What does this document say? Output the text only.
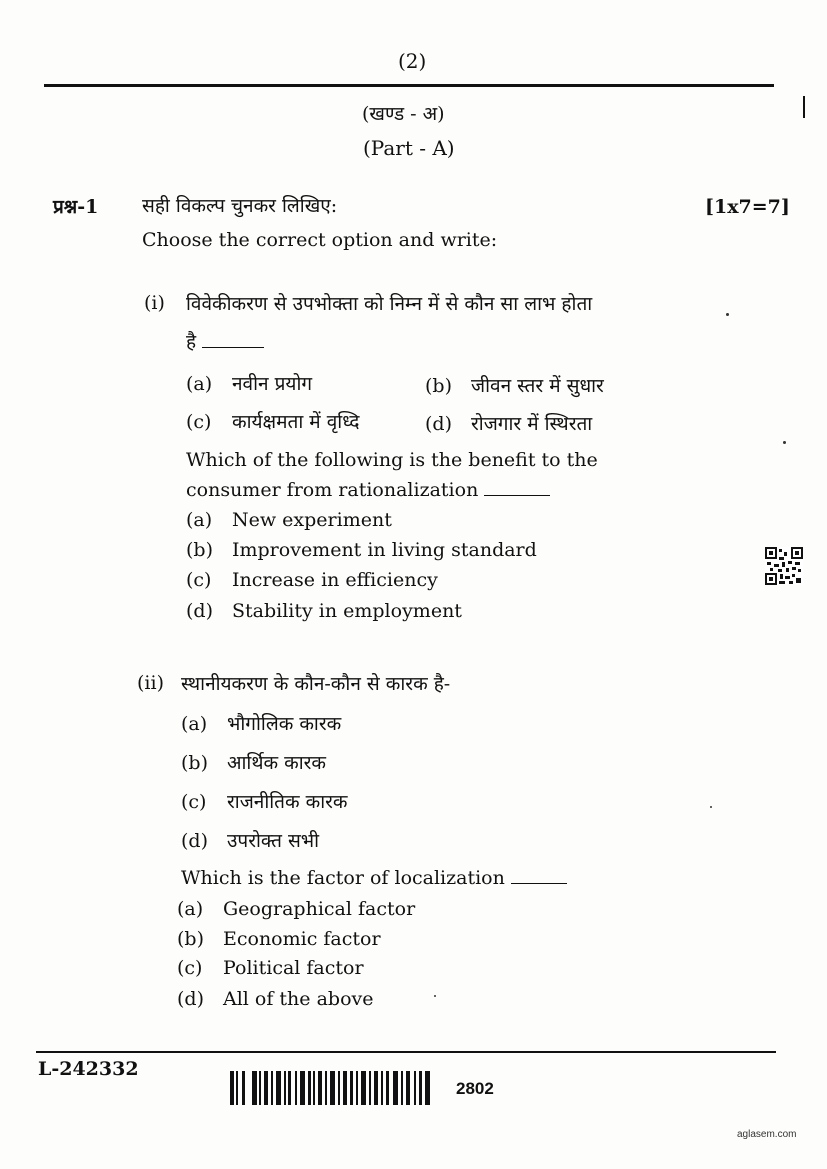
(2)
(खण्ड - अ)
(Part - A)
प्रश्न-1 सही विकल्प चुनकर लिखिए:	[1x7=7]
Choose the correct option and write:
(i) विवेकीकरण से उपभोक्ता को निम्न में से कौन सा लाभ होता
है
(a) नवीन प्रयोग	(b) जीवन स्तर में सुधार
(c) कार्यक्षमता में वृध्दि	(d) रोजगार में स्थिरता
Which of the following is the benefit to the
consumer from rationalization
(a) New experiment
(b) Improvement in living standard
(c) Increase in efficiency
(d) Stability in employment
(ii) स्थानीयकरण के कौन-कौन से कारक है-
(a) भौगोलिक कारक
(b) आर्थिक कारक
(c) राजनीतिक कारक
(d) उपरोक्त सभी
Which is the factor of localization
(a) Geographical factor
(b) Economic factor
(c) Political factor
(d) All of the above
L-242332
2802
aglasem.com
